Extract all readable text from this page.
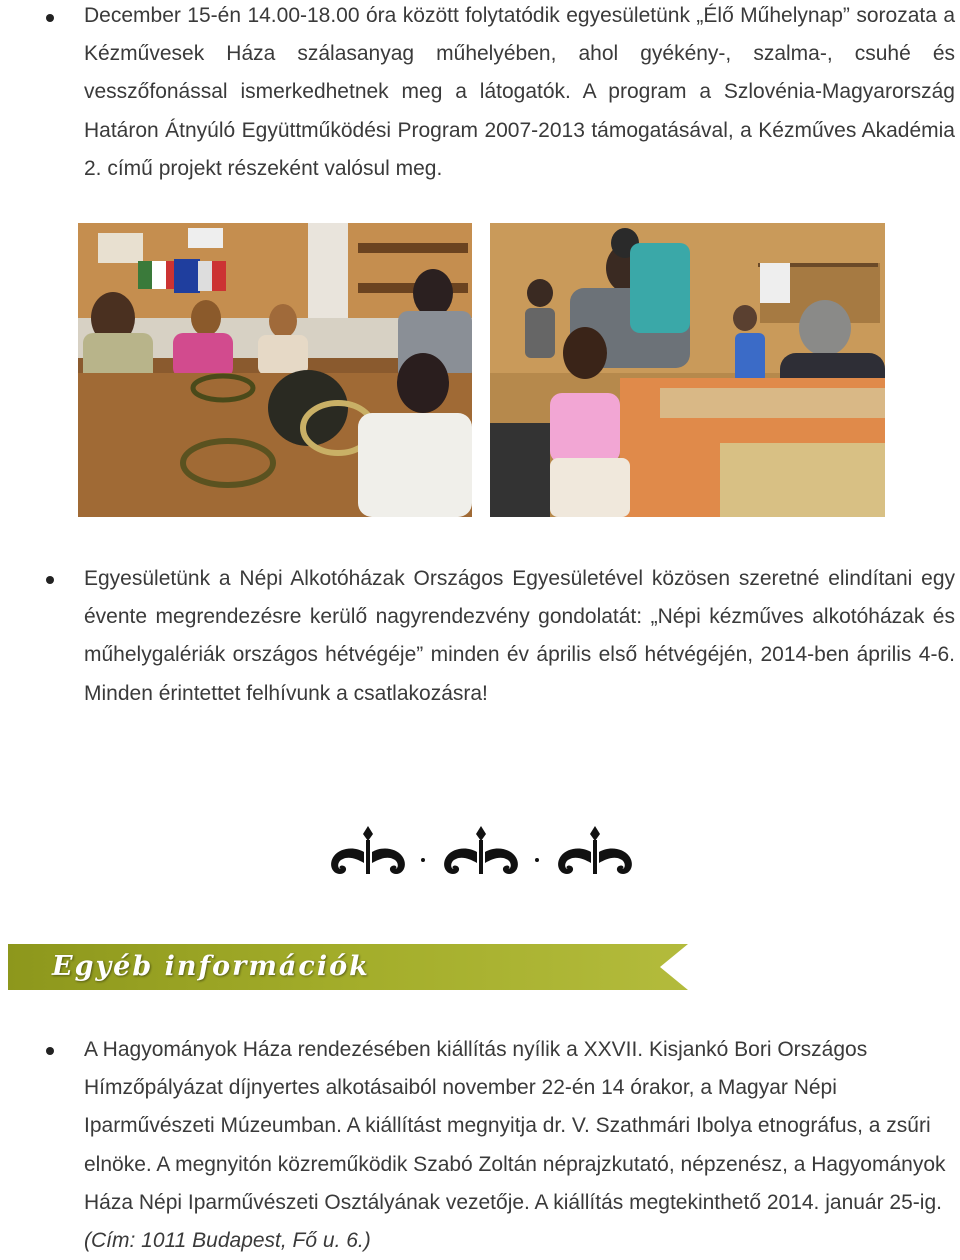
December 15-én 14.00-18.00 óra között folytatódik egyesületünk „Élő Műhelynap” sorozata a Kézművesek Háza szálasanyag műhelyében, ahol gyékény-, szalma-, csuhé és vesszőfonással ismerkedhetnek meg a látogatók. A program a Szlovénia-Magyarország Határon Átnyúló Együttműködési Program 2007-2013 támogatásával, a Kézműves Akadémia 2. című projekt részeként valósul meg.

Egyesületünk a Népi Alkotóházak Országos Egyesületével közösen szeretné elindítani egy évente megrendezésre kerülő nagyrendezvény gondolatát: „Népi kézműves alkotóházak és műhelygalériák országos hétvégéje” minden év április első hétvégéjén, 2014-ben április 4-6. Minden érintettet felhívunk a csatlakozásra!

Egyéb információk

A Hagyományok Háza rendezésében kiállítás nyílik a XXVII. Kisjankó Bori Országos Hímzőpályázat díjnyertes alkotásaiból november 22-én 14 órakor, a Magyar Népi Iparművészeti Múzeumban. A kiállítást megnyitja dr. V. Szathmári Ibolya etnográfus, a zsűri elnöke. A megnyitón közreműködik Szabó Zoltán néprajzkutató, népzenész, a Hagyományok Háza Népi Iparművészeti Osztályának vezetője. A kiállítás megtekinthető 2014. január 25-ig. (Cím: 1011 Budapest, Fő u. 6.)
